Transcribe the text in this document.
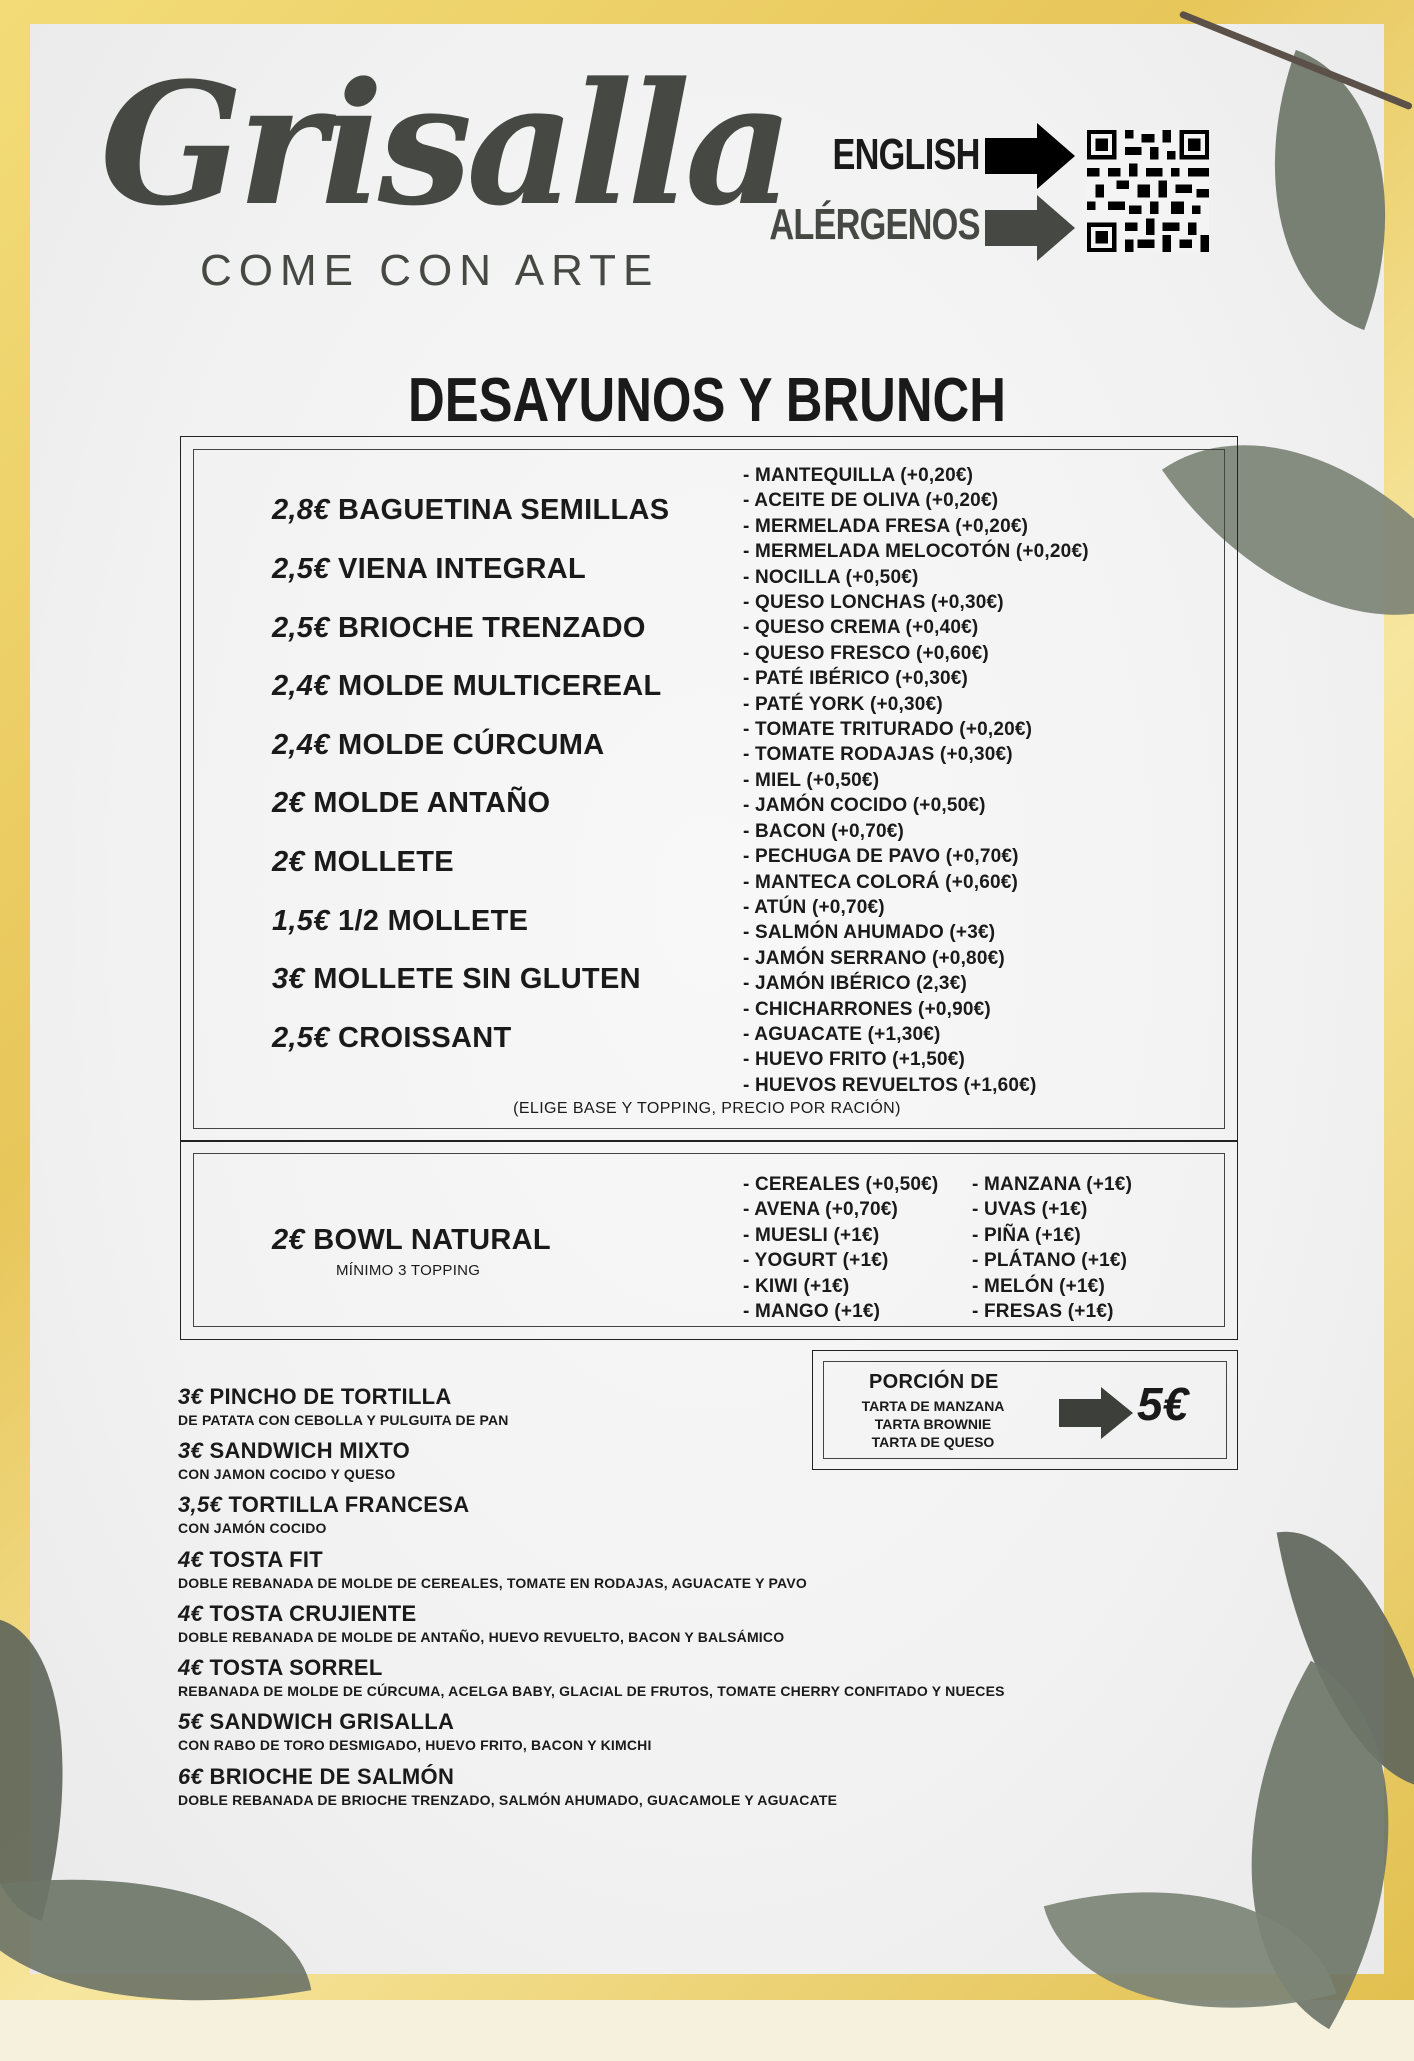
Grisalla
COME CON ARTE
ENGLISH
ALÉRGENOS
DESAYUNOS Y BRUNCH
2,8€ BAGUETINA SEMILLAS
2,5€ VIENA INTEGRAL
2,5€ BRIOCHE TRENZADO
2,4€ MOLDE MULTICEREAL
2,4€ MOLDE CÚRCUMA
2€ MOLDE ANTAÑO
2€ MOLLETE
1,5€ 1/2 MOLLETE
3€ MOLLETE SIN GLUTEN
2,5€ CROISSANT
- MANTEQUILLA (+0,20€)
- ACEITE DE OLIVA (+0,20€)
- MERMELADA FRESA (+0,20€)
- MERMELADA MELOCOTÓN (+0,20€)
- NOCILLA (+0,50€)
- QUESO LONCHAS (+0,30€)
- QUESO CREMA (+0,40€)
- QUESO FRESCO (+0,60€)
- PATÉ IBÉRICO (+0,30€)
- PATÉ YORK (+0,30€)
- TOMATE TRITURADO (+0,20€)
- TOMATE RODAJAS (+0,30€)
- MIEL (+0,50€)
- JAMÓN COCIDO (+0,50€)
- BACON (+0,70€)
- PECHUGA DE PAVO (+0,70€)
- MANTECA COLORÁ (+0,60€)
- ATÚN (+0,70€)
- SALMÓN AHUMADO (+3€)
- JAMÓN SERRANO (+0,80€)
- JAMÓN IBÉRICO (2,3€)
- CHICHARRONES (+0,90€)
- AGUACATE (+1,30€)
- HUEVO FRITO (+1,50€)
- HUEVOS REVUELTOS (+1,60€)
(ELIGE BASE Y TOPPING, PRECIO POR RACIÓN)
2€ BOWL NATURAL
MÍNIMO 3 TOPPING
- CEREALES (+0,50€)
- AVENA (+0,70€)
- MUESLI (+1€)
- YOGURT (+1€)
- KIWI (+1€)
- MANGO (+1€)
- MANZANA (+1€)
- UVAS (+1€)
- PIÑA (+1€)
- PLÁTANO (+1€)
- MELÓN (+1€)
- FRESAS (+1€)
3€ PINCHO DE TORTILLA
DE PATATA CON CEBOLLA Y PULGUITA DE PAN
3€ SANDWICH MIXTO
CON JAMON COCIDO Y QUESO
3,5€ TORTILLA FRANCESA
CON JAMÓN COCIDO
4€ TOSTA FIT
DOBLE REBANADA DE MOLDE DE CEREALES, TOMATE EN RODAJAS, AGUACATE Y PAVO
4€ TOSTA CRUJIENTE
DOBLE REBANADA DE MOLDE DE ANTAÑO, HUEVO REVUELTO, BACON Y BALSÁMICO
4€ TOSTA SORREL
REBANADA DE MOLDE DE CÚRCUMA, ACELGA BABY, GLACIAL DE FRUTOS, TOMATE CHERRY CONFITADO Y NUECES
5€ SANDWICH GRISALLA
CON RABO DE TORO DESMIGADO, HUEVO FRITO, BACON Y KIMCHI
6€ BRIOCHE DE SALMÓN
DOBLE REBANADA DE BRIOCHE TRENZADO, SALMÓN AHUMADO, GUACAMOLE Y AGUACATE
PORCIÓN DE
TARTA DE MANZANA
TARTA BROWNIE
TARTA DE QUESO
5€
